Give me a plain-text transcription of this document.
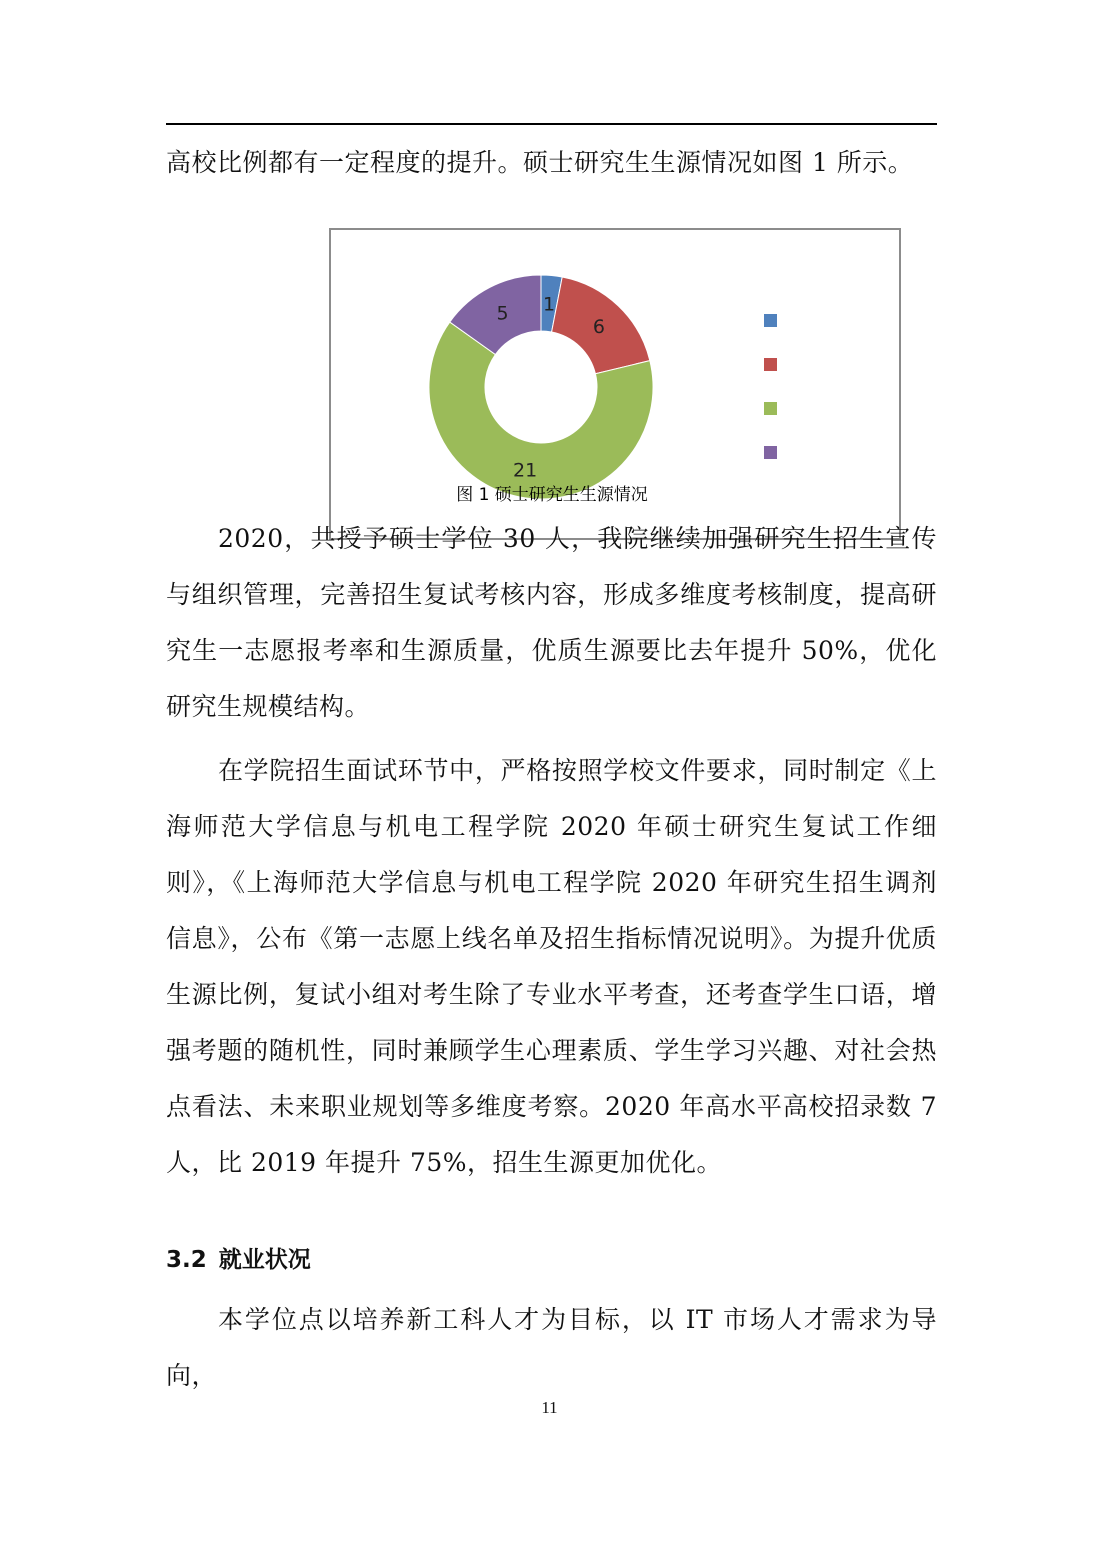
高校比例都有一定程度的提升。硕士研究生生源情况如图 1 所示。

1
6
21
5
图 1 硕士研究生生源情况

2020，共授予硕士学位 30 人，我院继续加强研究生招生宣传与组织管理，完善招生复试考核内容，形成多维度考核制度，提高研究生一志愿报考率和生源质量，优质生源要比去年提升 50%，优化研究生规模结构。

在学院招生面试环节中，严格按照学校文件要求，同时制定《上海师范大学信息与机电工程学院 2020 年硕士研究生复试工作细则》，《上海师范大学信息与机电工程学院 2020 年研究生招生调剂信息》，公布《第一志愿上线名单及招生指标情况说明》。为提升优质生源比例，复试小组对考生除了专业水平考查，还考查学生口语，增强考题的随机性，同时兼顾学生心理素质、学生学习兴趣、对社会热点看法、未来职业规划等多维度考察。2020 年高水平高校招录数 7 人，比 2019 年提升 75%，招生生源更加优化。

3.2 就业状况

本学位点以培养新工科人才为目标，以 IT 市场人才需求为导向，

11
